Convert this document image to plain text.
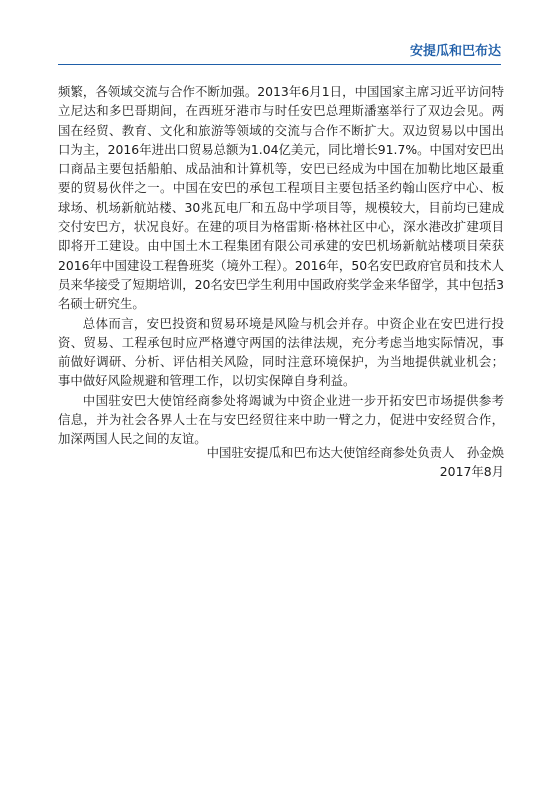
安提瓜和巴布达

频繁，各领域交流与合作不断加强。2013年6月1日，中国国家主席习近平访问特立尼达和多巴哥期间，在西班牙港市与时任安巴总理斯潘塞举行了双边会见。两国在经贸、教育、文化和旅游等领域的交流与合作不断扩大。双边贸易以中国出口为主，2016年进出口贸易总额为1.04亿美元，同比增长91.7%。中国对安巴出口商品主要包括船舶、成品油和计算机等，安巴已经成为中国在加勒比地区最重要的贸易伙伴之一。中国在安巴的承包工程项目主要包括圣约翰山医疗中心、板球场、机场新航站楼、30兆瓦电厂和五岛中学项目等，规模较大，目前均已建成交付安巴方，状况良好。在建的项目为格雷斯·格林社区中心，深水港改扩建项目即将开工建设。由中国土木工程集团有限公司承建的安巴机场新航站楼项目荣获2016年中国建设工程鲁班奖（境外工程）。2016年，50名安巴政府官员和技术人员来华接受了短期培训，20名安巴学生利用中国政府奖学金来华留学，其中包括3名硕士研究生。

总体而言，安巴投资和贸易环境是风险与机会并存。中资企业在安巴进行投资、贸易、工程承包时应严格遵守两国的法律法规，充分考虑当地实际情况，事前做好调研、分析、评估相关风险，同时注意环境保护，为当地提供就业机会；事中做好风险规避和管理工作，以切实保障自身利益。

中国驻安巴大使馆经商参处将竭诚为中资企业进一步开拓安巴市场提供参考信息，并为社会各界人士在与安巴经贸往来中助一臂之力，促进中安经贸合作，加深两国人民之间的友谊。

中国驻安提瓜和巴布达大使馆经商参处负责人　孙金焕
2017年8月
